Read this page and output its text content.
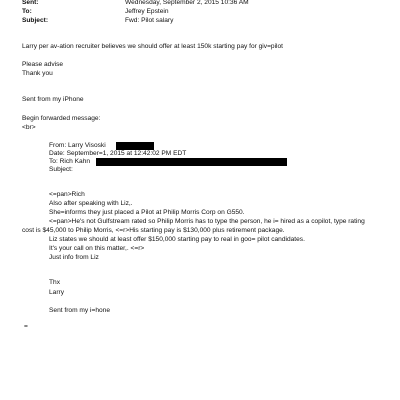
Sent:	Wednesday, September 2, 2015 10:36 AM
To:	Jeffrey Epstein
Subject:	Fwd: Pilot salary
Larry per av-ation recruiter believes we should offer at least 150k starting pay for giv=pilot
Please advise
Thank you
Sent from my iPhone
Begin forwarded message:
<br>
From: Larry Visoski
Date: September=1, 2015 at 12:42:02 PM EDT
To: Rich Kahn
Subject:
<=pan>Rich
Also after speaking with Liz,.
She=informs they just placed a Pilot at Philip Morris Corp on G550.
<=pan>He's not Gulfstream rated so Philip Morris has to type the person, he i= hired as a copilot, type rating
cost is $45,000 to Philip Morris, <=r>His starting pay is $130,000 plus retirement package.
Liz states we should at least offer $150,000 starting pay to real in goo= pilot candidates.
It's your call on this matter,. <=r>
Just info from Liz
Thx
Larry
Sent from my i=hone
=
